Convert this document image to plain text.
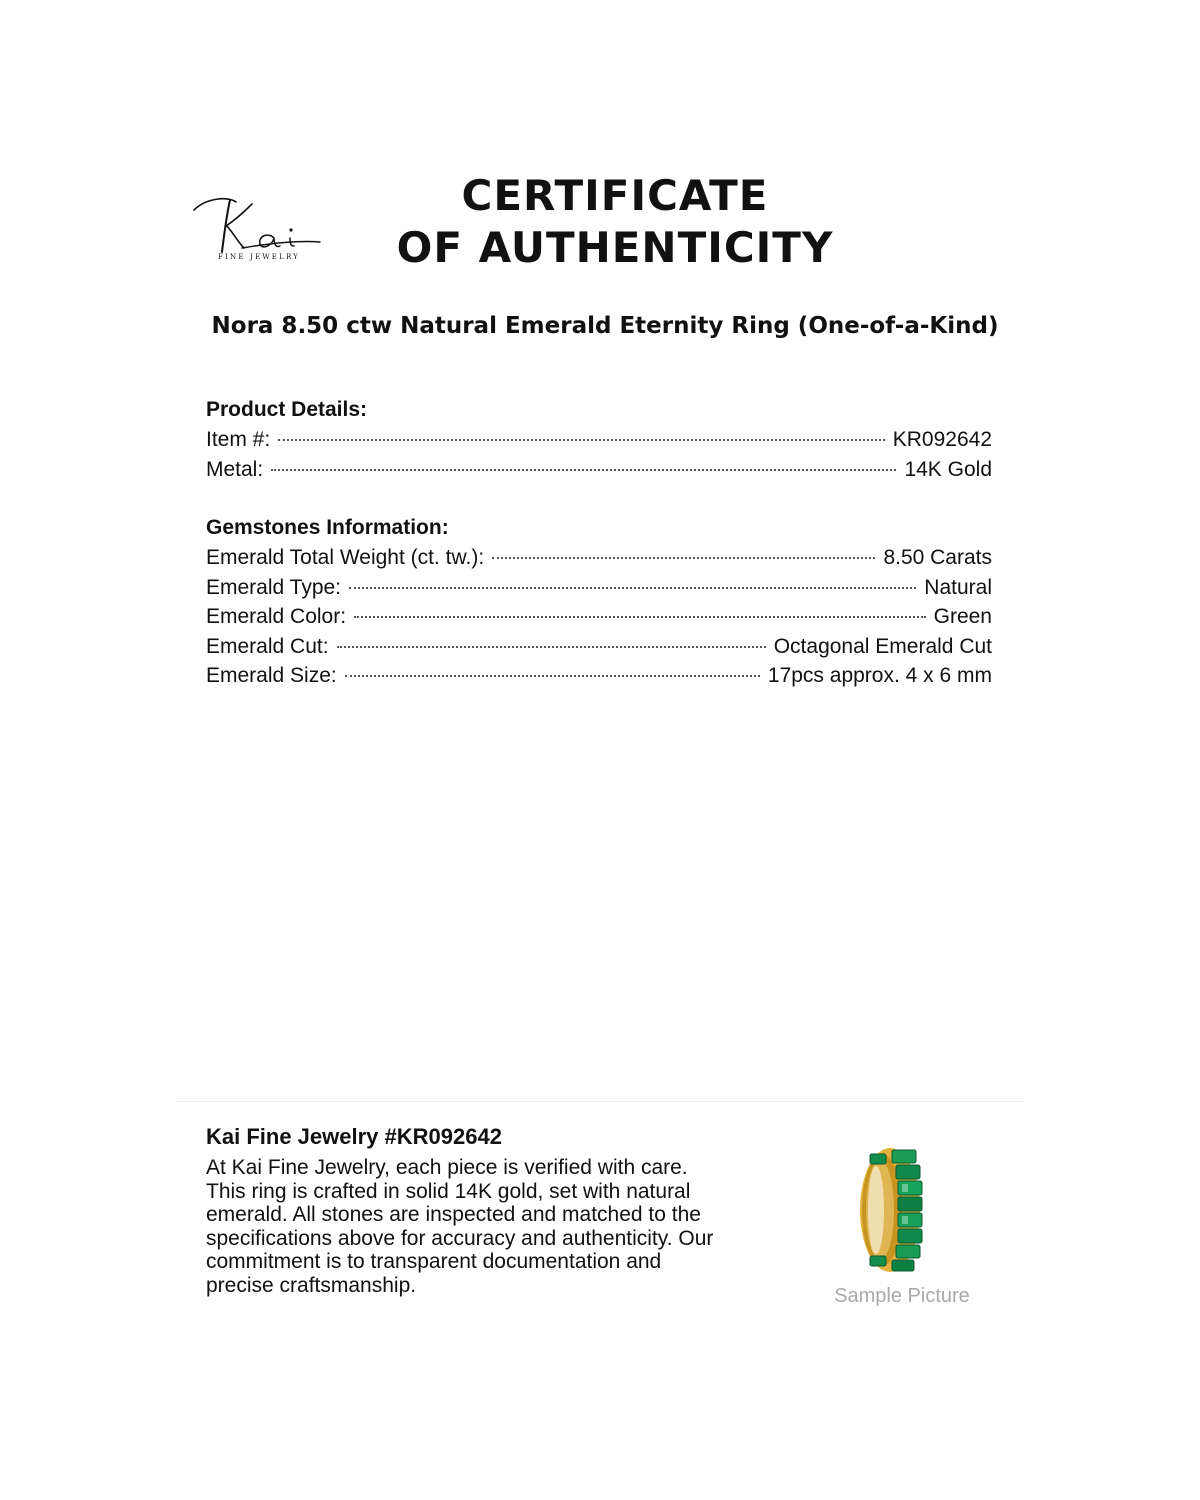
FINE JEWELRY
CERTIFICATE
OF AUTHENTICITY
Nora 8.50 ctw Natural Emerald Eternity Ring (One-of-a-Kind)
Product Details:
Item #:	KR092642
Metal:	14K Gold
Gemstones Information:
Emerald Total Weight (ct. tw.):	8.50 Carats
Emerald Type:	Natural
Emerald Color:	Green
Emerald Cut:	Octagonal Emerald Cut
Emerald Size:	17pcs approx. 4 x 6 mm
Kai Fine Jewelry #KR092642
At Kai Fine Jewelry, each piece is verified with care.
This ring is crafted in solid 14K gold, set with natural
emerald. All stones are inspected and matched to the
specifications above for accuracy and authenticity. Our
commitment is to transparent documentation and
precise craftsmanship.	Sample Picture
